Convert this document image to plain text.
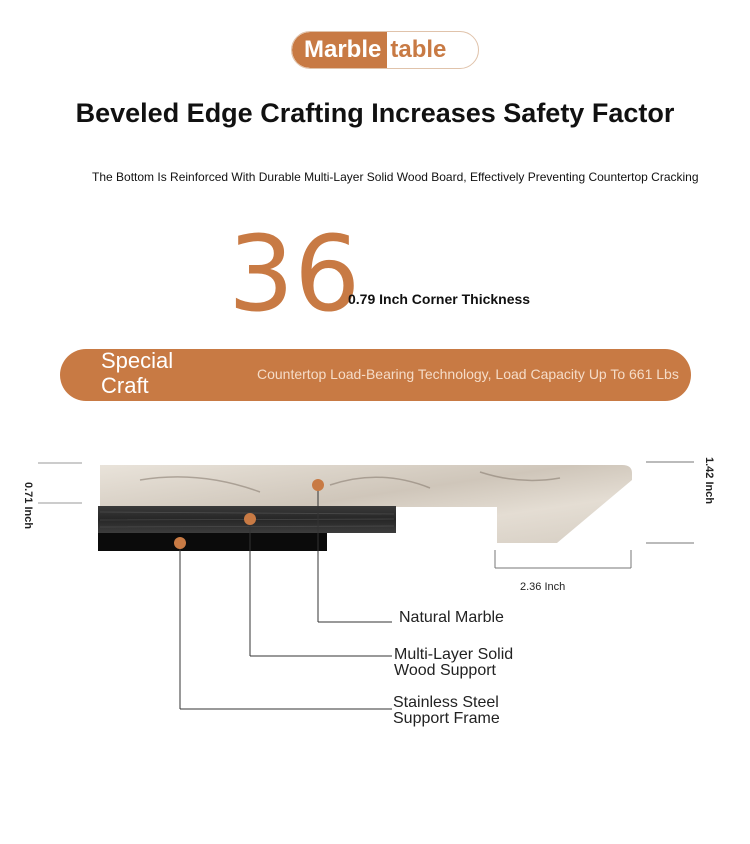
Marble table
Beveled Edge Crafting Increases Safety Factor
The Bottom Is Reinforced With Durable Multi-Layer Solid Wood Board, Effectively Preventing Countertop Cracking
36
0.79 Inch Corner Thickness
Special Craft	Countertop Load-Bearing Technology, Load Capacity Up To 661 Lbs
0.71 Inch
1.42 Inch
2.36 Inch
Natural Marble
Multi-Layer Solid Wood Support
Stainless Steel Support Frame
